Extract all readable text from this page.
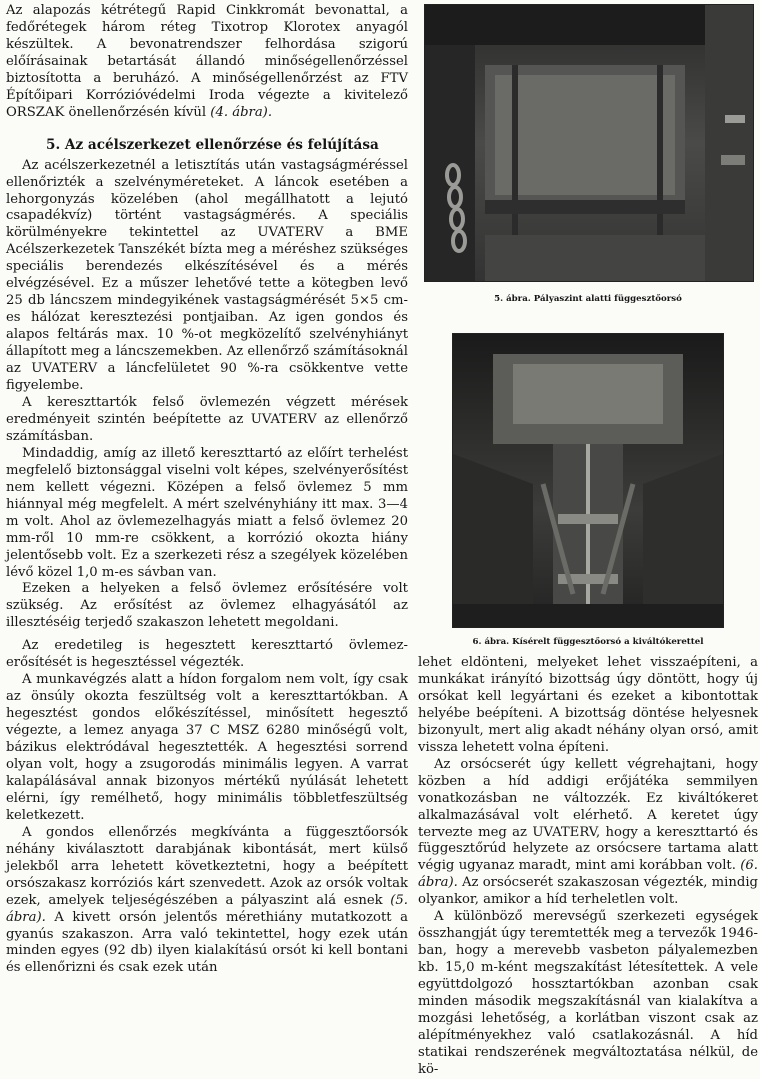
Az alapozás kétrétegű Rapid Cinkkromát bevonattal, a fedőrétegek három réteg Tixotrop Klorotex anyagól készültek. A bevonatrendszer felhordása szigorú előírásainak betartását állandó minőségellenőrzéssel biztosította a beruházó. A minőségellenőrzést az FTV Építőipari Korrózióvédelmi Iroda végezte a kivitelező ORSZAK önellenőrzésén kívül (4. ábra).

5. Az acélszerkezet ellenőrzése és felújítása

Az acélszerkezetnél a letisztítás után vastagságméréssel ellenőrizték a szelvényméreteket. A láncok esetében a lehorgonyzás közelében (ahol megállhatott a lejutó csapadékvíz) történt vastagságmérés. A speciális körülményekre tekintettel az UVATERV a BME Acélszerkezetek Tanszékét bízta meg a méréshez szükséges speciális berendezés elkészítésével és a mérés elvégzésével. Ez a műszer lehetővé tette a kötegben levő 25 db láncszem mindegyikének vastagságmérését 5×5 cm-es hálózat keresztezési pontjaiban. Az igen gondos és alapos feltárás max. 10 %-ot megközelítő szelvényhiányt állapított meg a láncszemekben. Az ellenőrző számításoknál az UVATERV a láncfelületet 90 %-ra csökkentve vette figyelembe.

A kereszttartók felső övlemezén végzett mérések eredményeit szintén beépítette az UVATERV az ellenőrző számításban.

Mindaddig, amíg az illető kereszttartó az előírt terhelést megfelelő biztonsággal viselni volt képes, szelvényerősítést nem kellett végezni. Középen a felső övlemez 5 mm hiánnyal még megfelelt. A mért szelvényhiány itt max. 3—4 m volt. Ahol az övlemezelhagyás miatt a felső övlemez 20 mm-ről 10 mm-re csökkent, a korrózió okozta hiány jelentősebb volt. Ez a szerkezeti rész a szegélyek közelében lévő közel 1,0 m-es sávban van.

Ezeken a helyeken a felső övlemez erősítésére volt szükség. Az erősítést az övlemez elhagyásától az illesztéséig terjedő szakaszon lehetett megoldani.

Az eredetileg is hegesztett kereszttartó övlemez-erősítését is hegesztéssel végezték.

A munkavégzés alatt a hídon forgalom nem volt, így csak az önsúly okozta feszültség volt a kereszttartókban. A hegesztést gondos előkészítéssel, minősített hegesztő végezte, a lemez anyaga 37 C MSZ 6280 minőségű volt, bázikus elektródával hegesztették. A hegesztési sorrend olyan volt, hogy a zsugorodás minimális legyen. A varrat kalapálásával annak bizonyos mértékű nyúlását lehetett elérni, így remélhető, hogy minimális többletfeszültség keletkezett.

A gondos ellenőrzés megkívánta a függesztőorsók néhány kiválasztott darabjának kibontását, mert külső jelekből arra lehetett következtetni, hogy a beépített orsószakasz korróziós kárt szenvedett. Azok az orsók voltak ezek, amelyek teljeségészében a pályaszint alá esnek (5. ábra). A kivett orsón jelentős mérethiány mutatkozott a gyanús szakaszon. Arra való tekintettel, hogy ezek után minden egyes (92 db) ilyen kialakítású orsót ki kell bontani és ellenőrizni és csak ezek után

5. ábra. Pályaszint alatti függesztőorsó
6. ábra. Kísérelt függesztőorsó a kiváltókerettel

lehet eldönteni, melyeket lehet visszaépíteni, a munkákat irányító bizottság úgy döntött, hogy új orsókat kell legyártani és ezeket a kibontottak helyébe beépíteni. A bizottság döntése helyesnek bizonyult, mert alig akadt néhány olyan orsó, amit vissza lehetett volna építeni.

Az orsócserét úgy kellett végrehajtani, hogy közben a híd addigi erőjátéka semmilyen vonatkozásban ne változzék. Ez kiváltókeret alkalmazásával volt elérhető. A keretet úgy tervezte meg az UVATERV, hogy a kereszttartó és függesztőrúd helyzete az orsócsere tartama alatt végig ugyanaz maradt, mint ami korábban volt. (6. ábra). Az orsócserét szakaszosan végezték, mindig olyankor, amikor a híd terheletlen volt.

A különböző merevségű szerkezeti egységek összhangját úgy teremtették meg a tervezők 1946-ban, hogy a merevebb vasbeton pályalemezben kb. 15,0 m-ként megszakítást létesítettek. A vele együttdolgozó hossztartókban azonban csak minden második megszakításnál van kialakítva a mozgási lehetőség, a korlátban viszont csak az alépítményekhez való csatlakozásnál. A híd statikai rendszerének megváltoztatása nélkül, de kö-
